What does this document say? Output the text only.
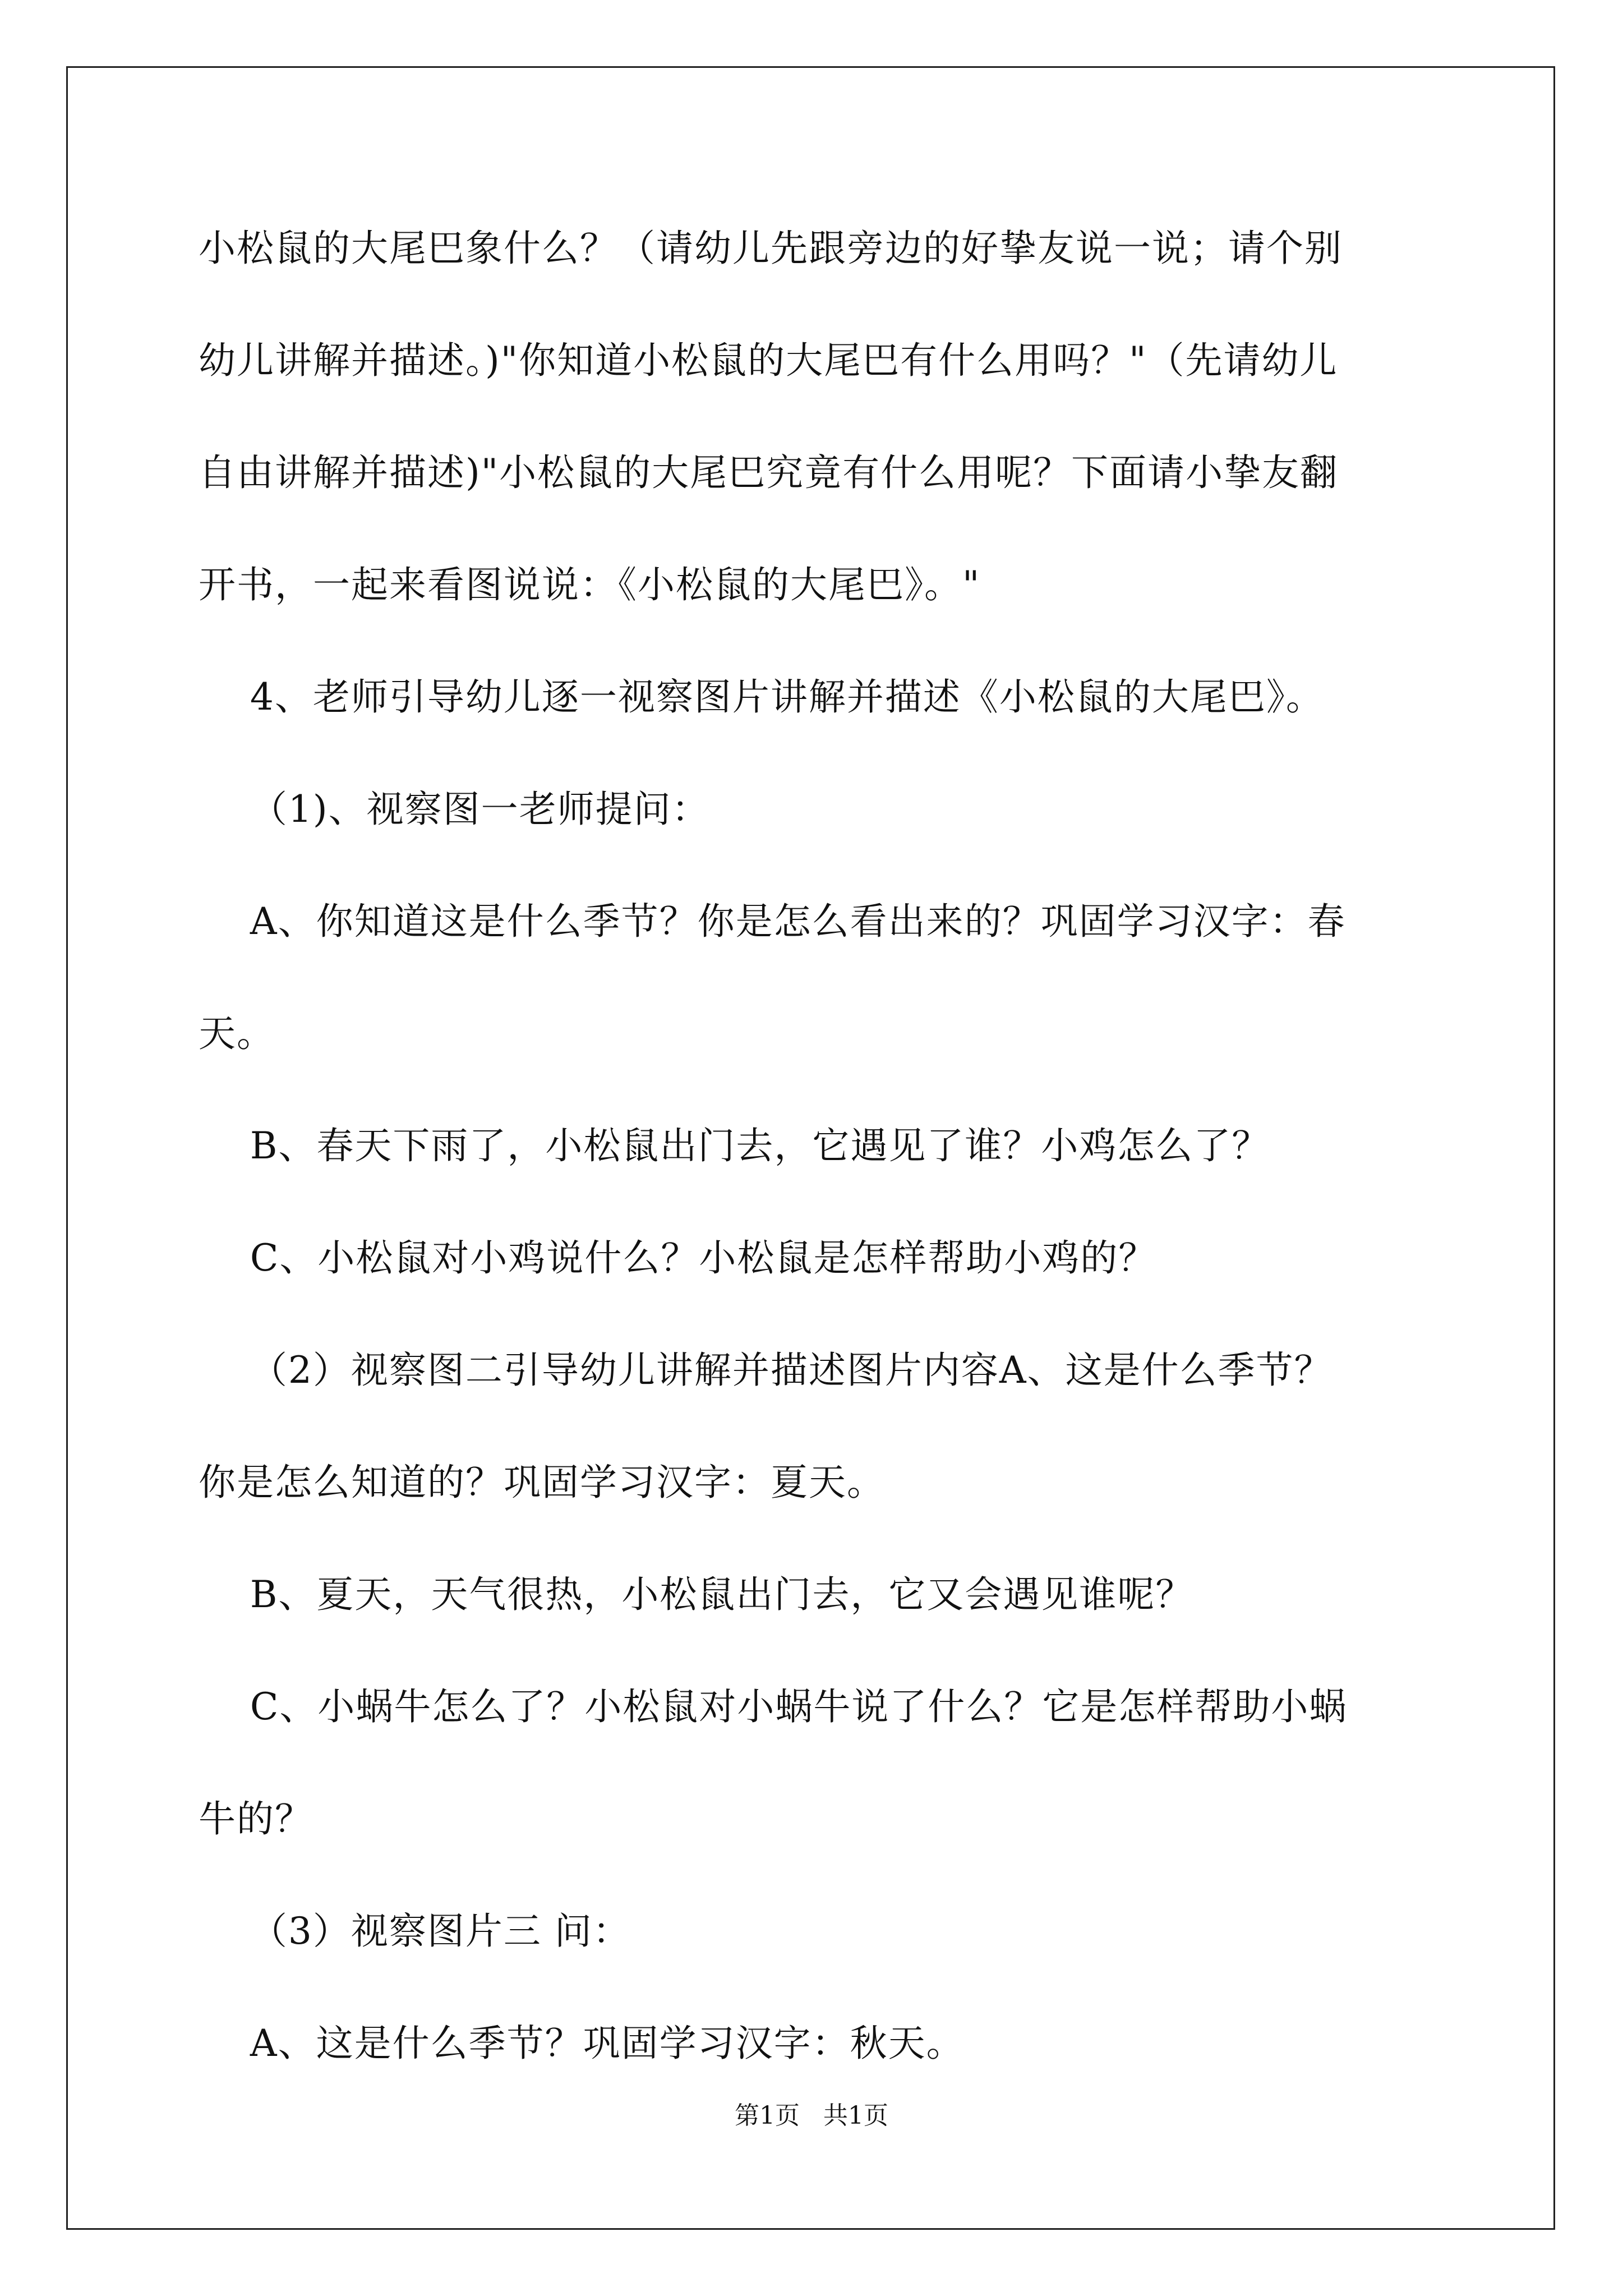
小松鼠的大尾巴象什么？（请幼儿先跟旁边的好挚友说一说；请个别
幼儿讲解并描述。)"你知道小松鼠的大尾巴有什么用吗？"（先请幼儿
自由讲解并描述)"小松鼠的大尾巴究竟有什么用呢？下面请小挚友翻
开书，一起来看图说说：《小松鼠的大尾巴》。"
4、老师引导幼儿逐一视察图片讲解并描述《小松鼠的大尾巴》。
（1)、视察图一老师提问：
A、你知道这是什么季节？你是怎么看出来的？巩固学习汉字：春
天。
B、春天下雨了，小松鼠出门去，它遇见了谁？小鸡怎么了？
C、小松鼠对小鸡说什么？小松鼠是怎样帮助小鸡的？
（2）视察图二引导幼儿讲解并描述图片内容A、这是什么季节？
你是怎么知道的？巩固学习汉字：夏天。
B、夏天，天气很热，小松鼠出门去，它又会遇见谁呢？
C、小蜗牛怎么了？小松鼠对小蜗牛说了什么？它是怎样帮助小蜗
牛的？
（3）视察图片三 问：
A、这是什么季节？巩固学习汉字：秋天。
第1页   共1页
